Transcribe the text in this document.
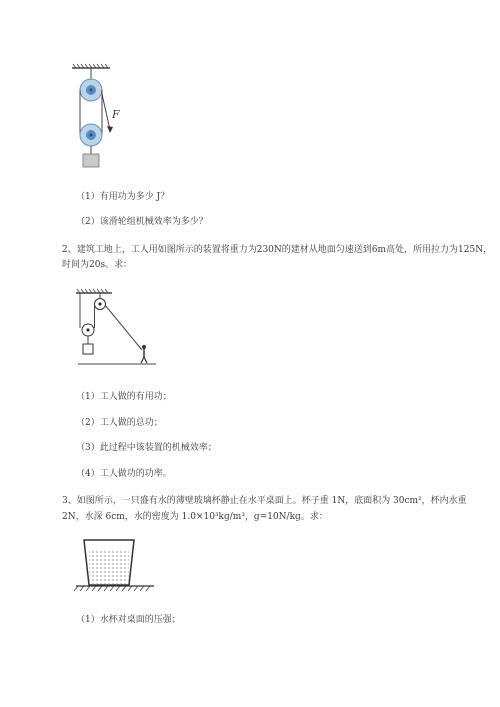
F
（1）有用功为多少 J？
（2）该滑轮组机械效率为多少？
2、建筑工地上，工人用如图所示的装置将重力为230N的建材从地面匀速送到6m高处，所用拉力为125N，
时间为20s。求：
（1）工人做的有用功；
（2）工人做的总功；
（3）此过程中该装置的机械效率；
（4）工人做功的功率。
3、如图所示，一只盛有水的薄壁玻璃杯静止在水平桌面上。杯子重 1N，底面积为 30cm²，杯内水重
2N，水深 6cm，水的密度为 1.0×10³kg/m³，g=10N/kg。求：
（1）水杯对桌面的压强；
